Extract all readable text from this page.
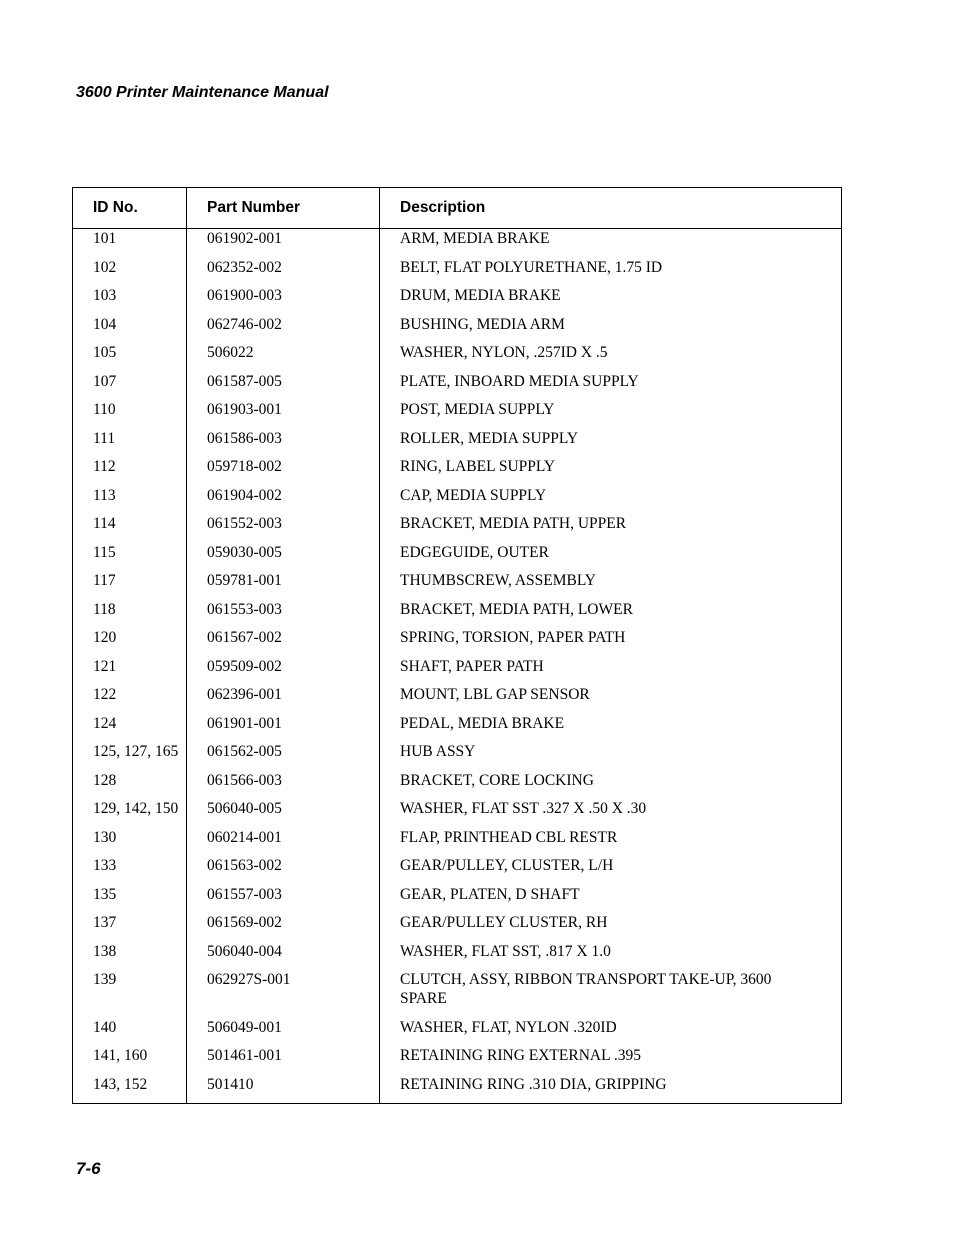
3600 Printer Maintenance Manual
ID No.	Part Number	Description
101	061902-001	ARM, MEDIA BRAKE
102	062352-002	BELT, FLAT POLYURETHANE, 1.75 ID
103	061900-003	DRUM, MEDIA BRAKE
104	062746-002	BUSHING, MEDIA ARM
105	506022	WASHER, NYLON, .257ID X .5
107	061587-005	PLATE, INBOARD MEDIA SUPPLY
110	061903-001	POST, MEDIA SUPPLY
111	061586-003	ROLLER, MEDIA SUPPLY
112	059718-002	RING, LABEL SUPPLY
113	061904-002	CAP, MEDIA SUPPLY
114	061552-003	BRACKET, MEDIA PATH, UPPER
115	059030-005	EDGEGUIDE, OUTER
117	059781-001	THUMBSCREW, ASSEMBLY
118	061553-003	BRACKET, MEDIA PATH, LOWER
120	061567-002	SPRING, TORSION, PAPER PATH
121	059509-002	SHAFT, PAPER PATH
122	062396-001	MOUNT, LBL GAP SENSOR
124	061901-001	PEDAL, MEDIA BRAKE
125, 127, 165	061562-005	HUB ASSY
128	061566-003	BRACKET, CORE LOCKING
129, 142, 150	506040-005	WASHER, FLAT SST .327 X .50 X .30
130	060214-001	FLAP, PRINTHEAD CBL RESTR
133	061563-002	GEAR/PULLEY, CLUSTER, L/H
135	061557-003	GEAR, PLATEN, D SHAFT
137	061569-002	GEAR/PULLEY CLUSTER, RH
138	506040-004	WASHER, FLAT SST, .817 X 1.0
139	062927S-001	CLUTCH, ASSY, RIBBON TRANSPORT TAKE-UP, 3600 SPARE
140	506049-001	WASHER, FLAT, NYLON .320ID
141, 160	501461-001	RETAINING RING EXTERNAL .395
143, 152	501410	RETAINING RING .310 DIA, GRIPPING
7-6
